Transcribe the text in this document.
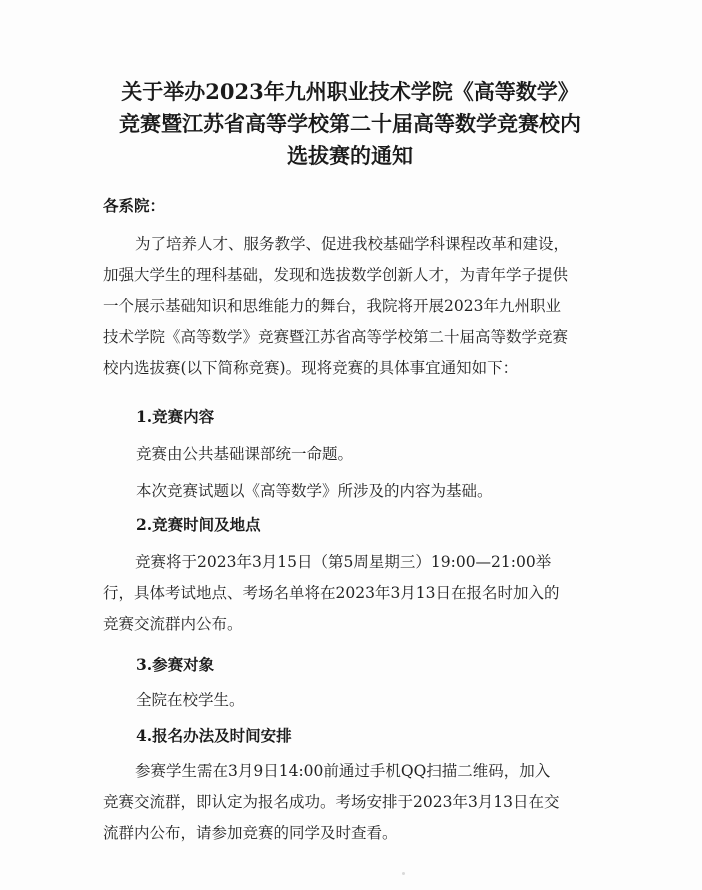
关于举办2023年九州职业技术学院《高等数学》
竞赛暨江苏省高等学校第二十届高等数学竞赛校内
选拔赛的通知
各系院：
为了培养人才、服务教学、促进我校基础学科课程改革和建设，
加强大学生的理科基础，发现和选拔数学创新人才，为青年学子提供
一个展示基础知识和思维能力的舞台，我院将开展2023年九州职业
技术学院《高等数学》竞赛暨江苏省高等学校第二十届高等数学竞赛
校内选拔赛(以下简称竞赛)。现将竞赛的具体事宜通知如下：
1.竞赛内容
竞赛由公共基础课部统一命题。
本次竞赛试题以《高等数学》所涉及的内容为基础。
2.竞赛时间及地点
竞赛将于2023年3月15日（第5周星期三）19:00—21:00举
行，具体考试地点、考场名单将在2023年3月13日在报名时加入的
竞赛交流群内公布。
3.参赛对象
全院在校学生。
4.报名办法及时间安排
参赛学生需在3月9日14:00前通过手机QQ扫描二维码，加入
竞赛交流群，即认定为报名成功。考场安排于2023年3月13日在交
流群内公布，请参加竞赛的同学及时查看。
